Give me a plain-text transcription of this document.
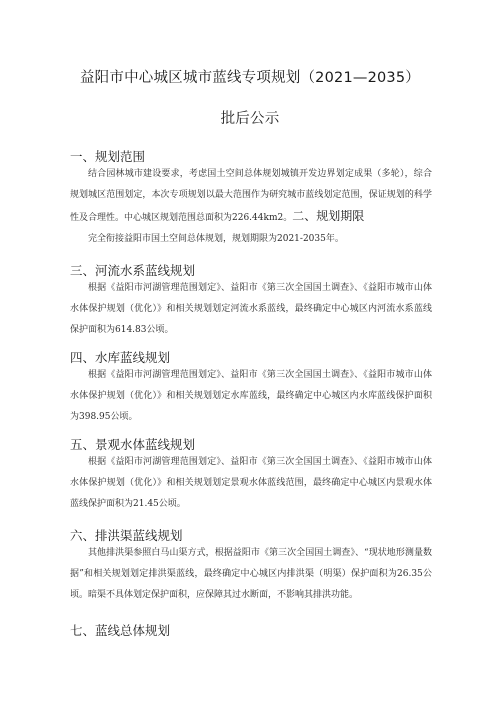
益阳市中心城区城市蓝线专项规划（2021—2035）
批后公示
一、规划范围

结合园林城市建设要求，考虑国土空间总体规划城镇开发边界划定成果（多轮），综合规划城区范围划定，本次专项规划以最大范围作为研究城市蓝线划定范围，保证规划的科学性及合理性。中心城区规划范围总面积为226.44km2。二、规划期限

完全衔接益阳市国土空间总体规划，规划期限为2021-2035年。

三、河流水系蓝线规划

根据《益阳市河湖管理范围划定》、益阳市《第三次全国国土调查》、《益阳市城市山体水体保护规划（优化）》和相关规划划定河流水系蓝线，最终确定中心城区内河流水系蓝线保护面积为614.83公顷。

四、水库蓝线规划

根据《益阳市河湖管理范围划定》、益阳市《第三次全国国土调查》、《益阳市城市山体水体保护规划（优化）》和相关规划划定水库蓝线，最终确定中心城区内水库蓝线保护面积为398.95公顷。

五、景观水体蓝线规划

根据《益阳市河湖管理范围划定》、益阳市《第三次全国国土调查》、《益阳市城市山体水体保护规划（优化）》和相关规划划定景观水体蓝线范围，最终确定中心城区内景观水体蓝线保护面积为21.45公顷。

六、排洪渠蓝线规划

其他排洪渠参照白马山渠方式，根据益阳市《第三次全国国土调查》、“现状地形测量数据”和相关规划划定排洪渠蓝线，最终确定中心城区内排洪渠（明渠）保护面积为26.35公顷。暗渠不具体划定保护面积，应保障其过水断面，不影响其排洪功能。

七、蓝线总体规划
